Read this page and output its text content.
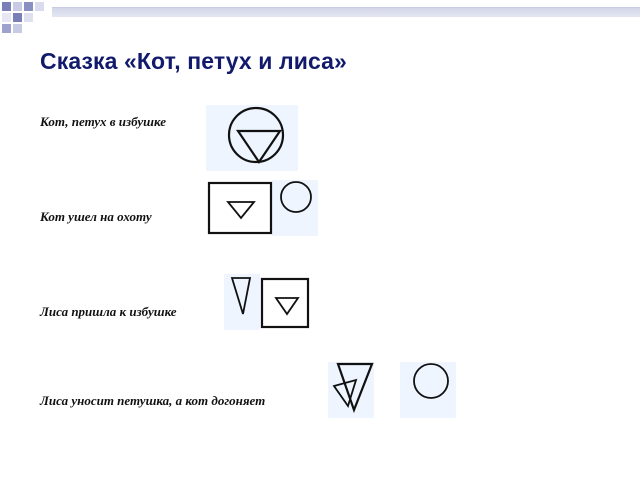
Сказка «Кот, петух и лиса»
Кот, петух в избушке
Кот ушел на охоту
Лиса пришла к избушке
Лиса уносит петушка, а кот догоняет
